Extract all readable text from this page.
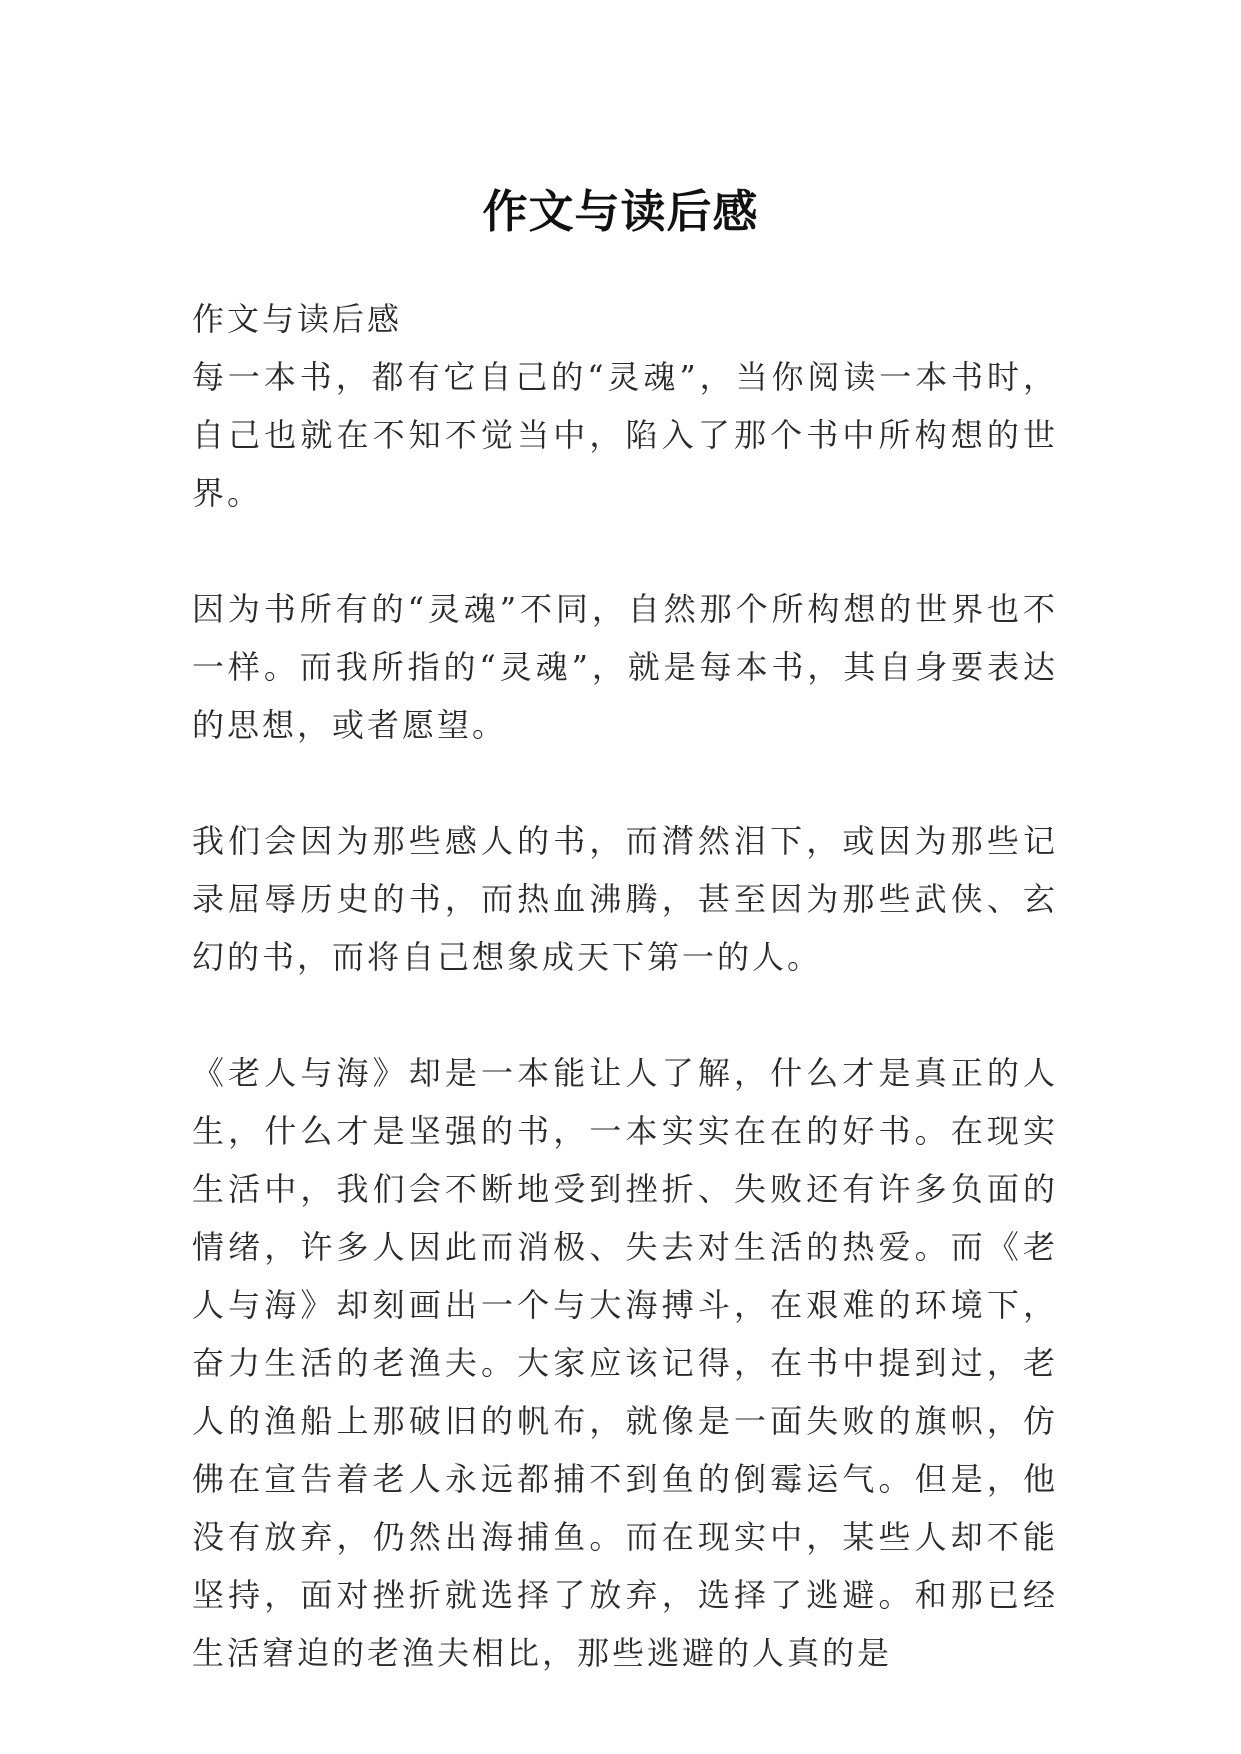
作文与读后感

作文与读后感

每一本书，都有它自己的“灵魂”，当你阅读一本书时，自己也就在不知不觉当中，陷入了那个书中所构想的世界。

因为书所有的“灵魂”不同，自然那个所构想的世界也不一样。而我所指的“灵魂”，就是每本书，其自身要表达的思想，或者愿望。

我们会因为那些感人的书，而潸然泪下，或因为那些记录屈辱历史的书，而热血沸腾，甚至因为那些武侠、玄幻的书，而将自己想象成天下第一的人。

《老人与海》却是一本能让人了解，什么才是真正的人生，什么才是坚强的书，一本实实在在的好书。在现实生活中，我们会不断地受到挫折、失败还有许多负面的情绪，许多人因此而消极、失去对生活的热爱。而《老人与海》却刻画出一个与大海搏斗，在艰难的环境下，奋力生活的老渔夫。大家应该记得，在书中提到过，老人的渔船上那破旧的帆布，就像是一面失败的旗帜，仿佛在宣告着老人永远都捕不到鱼的倒霉运气。但是，他没有放弃，仍然出海捕鱼。而在现实中，某些人却不能坚持，面对挫折就选择了放弃，选择了逃避。和那已经生活窘迫的老渔夫相比，那些逃避的人真的是
